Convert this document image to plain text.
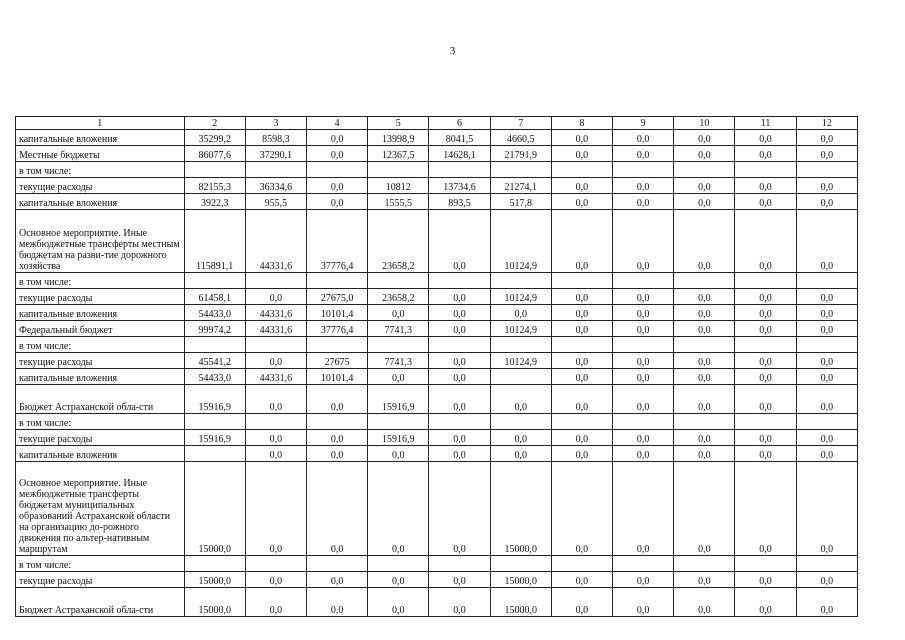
3
1	2	3	4	5	6	7	8	9	10	11	12
капитальные вложения	35299,2	8598,3	0,0	13998,9	8041,5	4660,5	0,0	0,0	0,0	0,0	0,0
Местные бюджеты	86077,6	37290,1	0,0	12367,5	14628,1	21791,9	0,0	0,0	0,0	0,0	0,0
в том числе:											
текущие расходы	82155,3	36334,6	0,0	10812	13734,6	21274,1	0,0	0,0	0,0	0,0	0,0
капитальные вложения	3922,3	955,5	0,0	1555,5	893,5	517,8	0,0	0,0	0,0	0,0	0,0
Основное мероприятие. Иные межбюджетные трансферты местным бюджетам на разви-тие дорожного хозяйства	115891,1	44331,6	37776,4	23658,2	0,0	10124,9	0,0	0,0	0,0	0,0	0,0
в том числе:											
текущие расходы	61458,1	0,0	27675,0	23658,2	0,0	10124,9	0,0	0,0	0,0	0,0	0,0
капитальные вложения	54433,0	44331,6	10101,4	0,0	0,0	0,0	0,0	0,0	0,0	0,0	0,0
Федеральный бюджет	99974,2	44331,6	37776,4	7741,3	0,0	10124,9	0,0	0,0	0,0	0,0	0,0
в том числе:											
текущие расходы	45541,2	0,0	27675	7741,3	0,0	10124,9	0,0	0,0	0,0	0,0	0,0
капитальные вложения	54433,0	44331,6	10101,4	0,0	0,0		0,0	0,0	0,0	0,0	0,0
Бюджет Астраханской обла-сти	15916,9	0,0	0,0	15916,9	0,0	0,0	0,0	0,0	0,0	0,0	0,0
в том числе:											
текущие расходы	15916,9	0,0	0,0	15916,9	0,0	0,0	0,0	0,0	0,0	0,0	0,0
капитальные вложения		0,0	0,0	0,0	0,0	0,0	0,0	0,0	0,0	0,0	0,0
Основное мероприятие. Иные межбюджетные трансферты бюджетам муниципальных образований Астраханской области на организацию до-рожного движения по альтер-нативным маршрутам	15000,0	0,0	0,0	0,0	0,0	15000,0	0,0	0,0	0,0	0,0	0,0
в том числе:											
текущие расходы	15000,0	0,0	0,0	0,0	0,0	15000,0	0,0	0,0	0,0	0,0	0,0
Бюджет Астраханской обла-сти	15000,0	0,0	0,0	0,0	0,0	15000,0	0,0	0,0	0,0	0,0	0,0
